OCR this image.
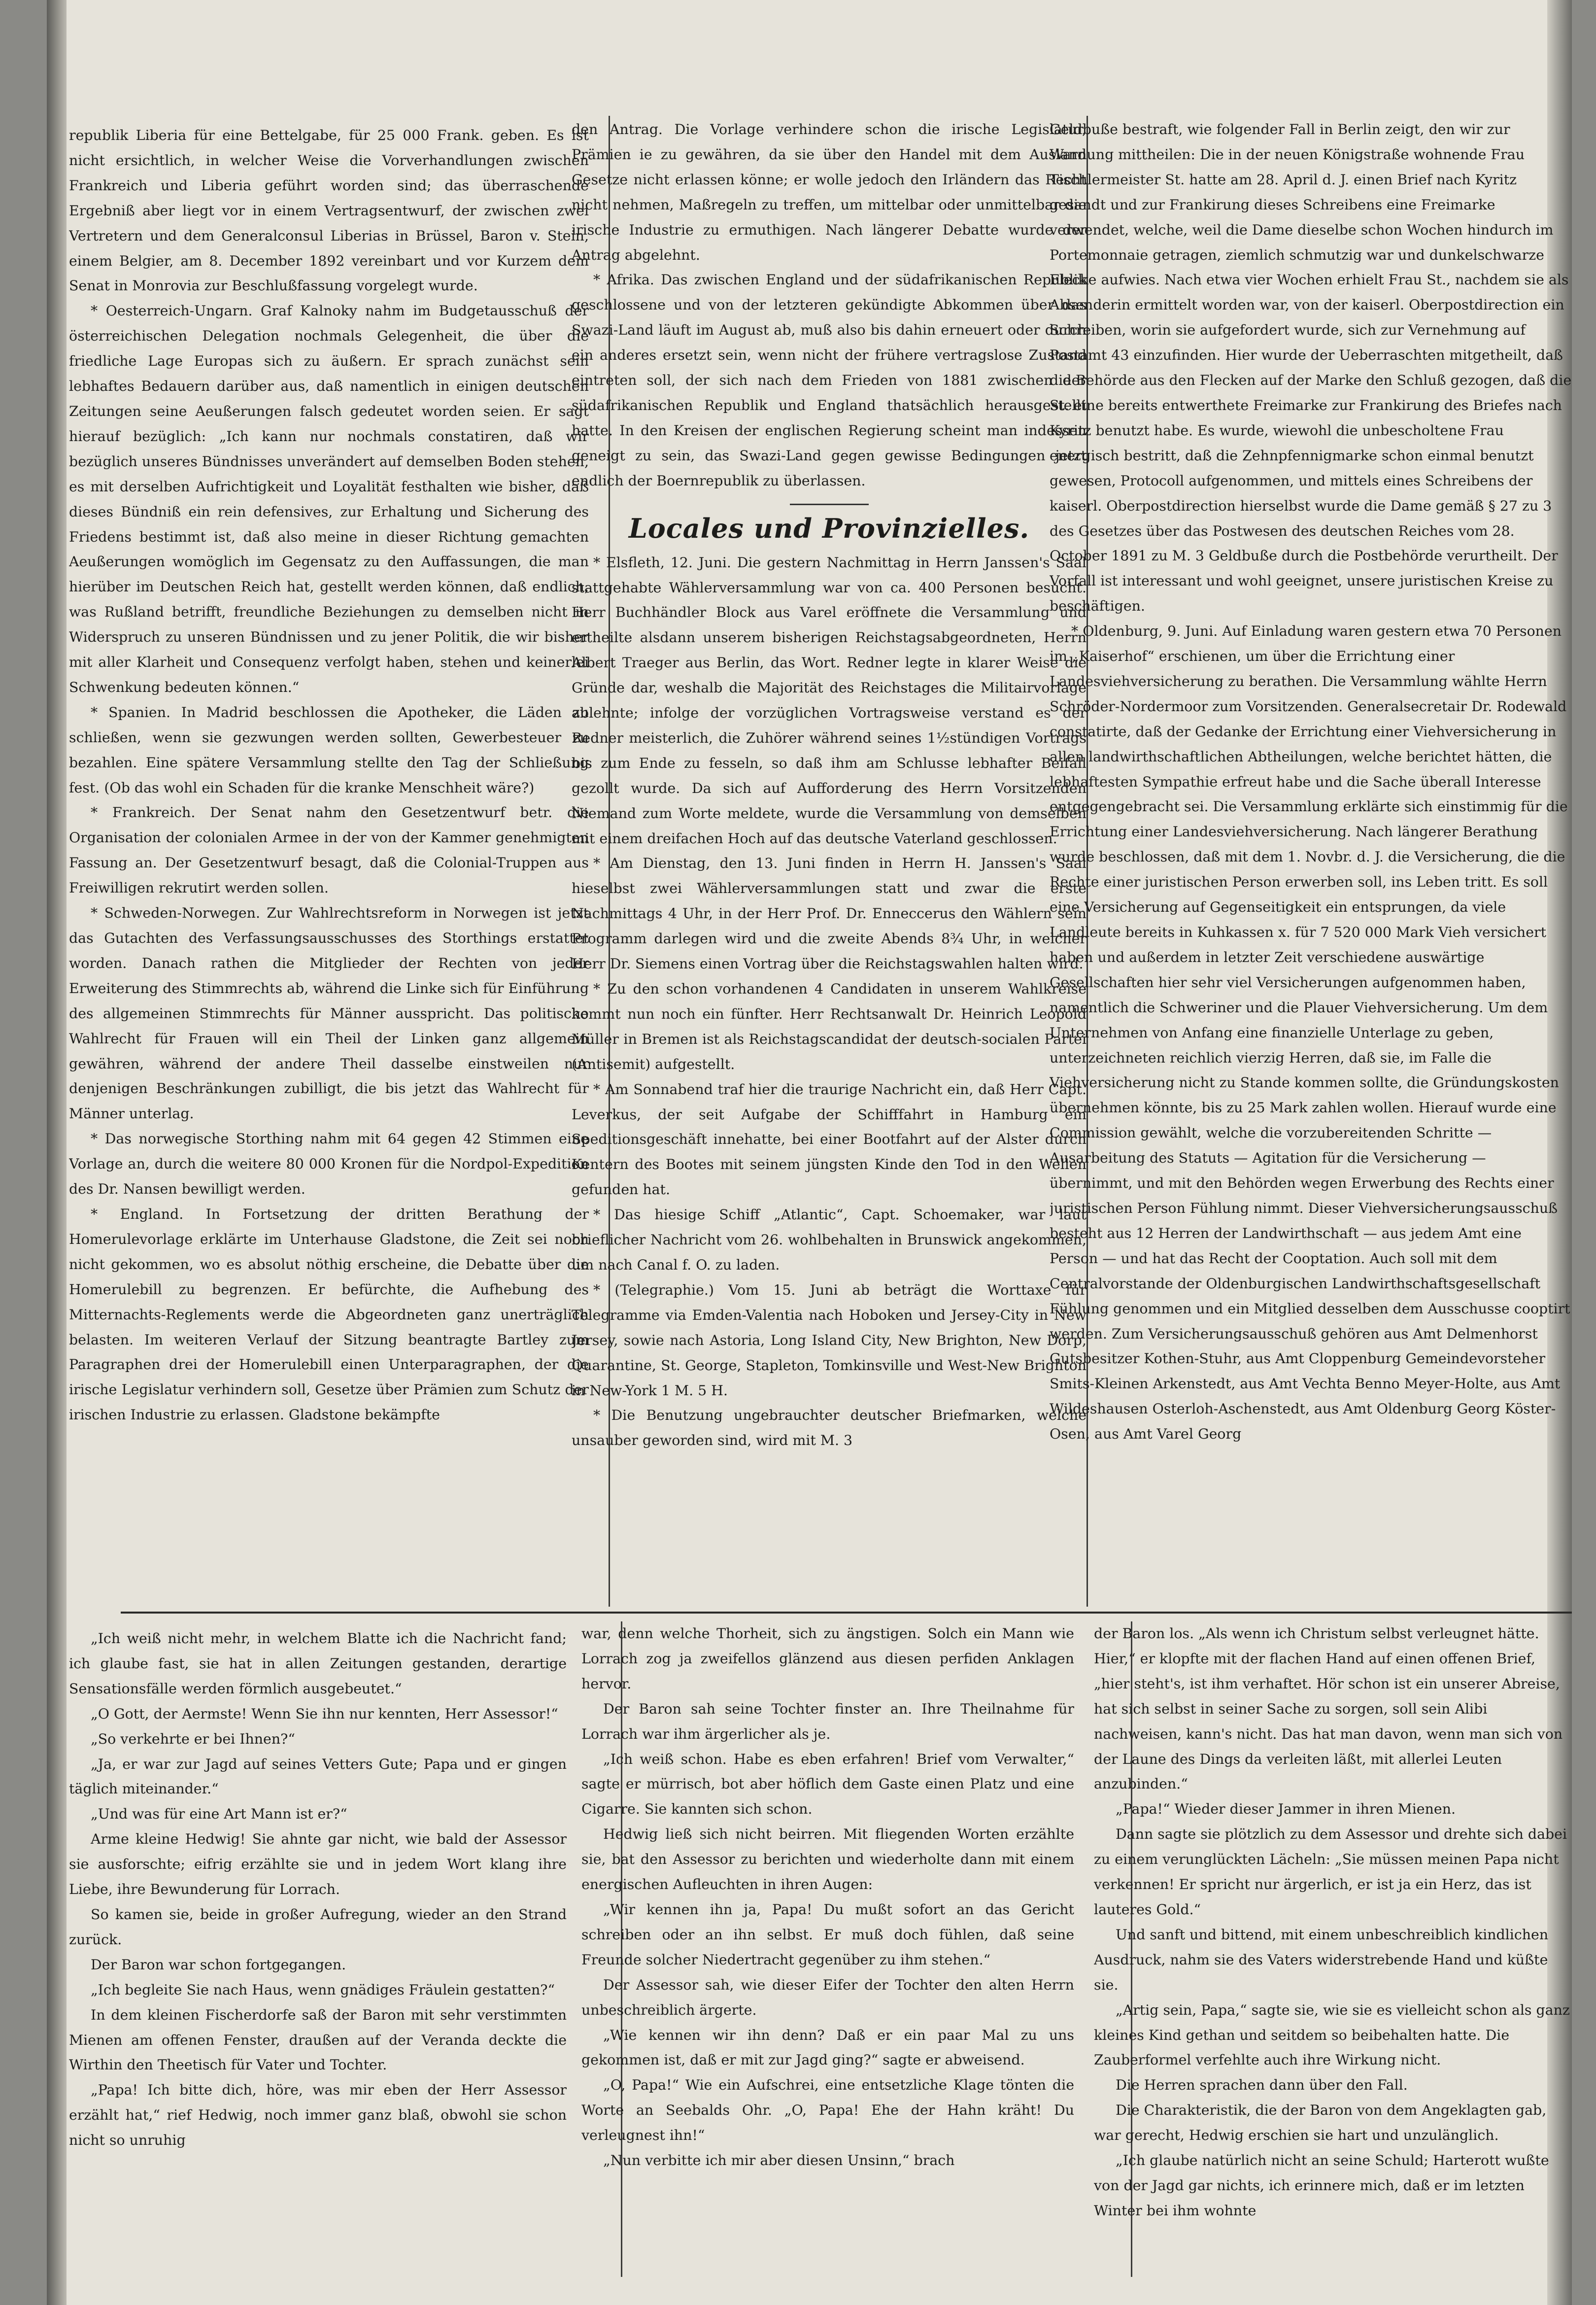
republik Liberia für eine Bettelgabe, für 25 000 Frank. geben. Es ist nicht ersichtlich, in welcher Weise die Vorverhandlungen zwischen Frankreich und Liberia geführt worden sind; das überraschende Ergebniß aber liegt vor in einem Vertragsentwurf, der zwischen zwei Vertretern und dem Generalconsul Liberias in Brüssel, Baron v. Stein, einem Belgier, am 8. December 1892 vereinbart und vor Kurzem dem Senat in Monrovia zur Beschlußfassung vorgelegt wurde.

* Oesterreich-Ungarn. Graf Kalnoky nahm im Budgetausschuß der österreichischen Delegation nochmals Gelegenheit, die über die friedliche Lage Europas sich zu äußern. Er sprach zunächst sein lebhaftes Bedauern darüber aus, daß namentlich in einigen deutschen Zeitungen seine Aeußerungen falsch gedeutet worden seien. Er sagt hierauf bezüglich: „Ich kann nur nochmals constatiren, daß wir bezüglich unseres Bündnisses unverändert auf demselben Boden stehen, es mit derselben Aufrichtigkeit und Loyalität festhalten wie bisher, daß dieses Bündniß ein rein defensives, zur Erhaltung und Sicherung des Friedens bestimmt ist, daß also meine in dieser Richtung gemachten Aeußerungen womöglich im Gegensatz zu den Auffassungen, die man hierüber im Deutschen Reich hat, gestellt werden können, daß endlich, was Rußland betrifft, freundliche Beziehungen zu demselben nicht in Widerspruch zu unseren Bündnissen und zu jener Politik, die wir bisher mit aller Klarheit und Consequenz verfolgt haben, stehen und keinerlei Schwenkung bedeuten können.“

* Spanien. In Madrid beschlossen die Apotheker, die Läden zu schließen, wenn sie gezwungen werden sollten, Gewerbesteuer zu bezahlen. Eine spätere Versammlung stellte den Tag der Schließung fest. (Ob das wohl ein Schaden für die kranke Menschheit wäre?)

* Frankreich. Der Senat nahm den Gesetzentwurf betr. die Organisation der colonialen Armee in der von der Kammer genehmigten Fassung an. Der Gesetzentwurf besagt, daß die Colonial-Truppen aus Freiwilligen rekrutirt werden sollen.

* Schweden-Norwegen. Zur Wahlrechtsreform in Norwegen ist jetzt das Gutachten des Verfassungsausschusses des Storthings erstattet worden. Danach rathen die Mitglieder der Rechten von jeder Erweiterung des Stimmrechts ab, während die Linke sich für Einführung des allgemeinen Stimmrechts für Männer ausspricht. Das politische Wahlrecht für Frauen will ein Theil der Linken ganz allgemein gewähren, während der andere Theil dasselbe einstweilen nur denjenigen Beschränkungen zubilligt, die bis jetzt das Wahlrecht für Männer unterlag.

* Das norwegische Storthing nahm mit 64 gegen 42 Stimmen eine Vorlage an, durch die weitere 80 000 Kronen für die Nordpol-Expedition des Dr. Nansen bewilligt werden.

* England. In Fortsetzung der dritten Berathung der Homerulevorlage erklärte im Unterhause Gladstone, die Zeit sei noch nicht gekommen, wo es absolut nöthig erscheine, die Debatte über die Homerulebill zu begrenzen. Er befürchte, die Aufhebung des Mitternachts-Reglements werde die Abgeordneten ganz unerträglich belasten. Im weiteren Verlauf der Sitzung beantragte Bartley zum Paragraphen drei der Homerulebill einen Unterparagraphen, der die irische Legislatur verhindern soll, Gesetze über Prämien zum Schutz der irischen Industrie zu erlassen. Gladstone bekämpfte

den Antrag. Die Vorlage verhindere schon die irische Legislatur, Prämien ie zu gewähren, da sie über den Handel mit dem Ausland Gesetze nicht erlassen könne; er wolle jedoch den Irländern das Recht nicht nehmen, Maßregeln zu treffen, um mittelbar oder unmittelbar die irische Industrie zu ermuthigen. Nach längerer Debatte wurde der Antrag abgelehnt.

* Afrika. Das zwischen England und der südafrikanischen Republik geschlossene und von der letzteren gekündigte Abkommen über das Swazi-Land läuft im August ab, muß also bis dahin erneuert oder durch ein anderes ersetzt sein, wenn nicht der frühere vertragslose Zustand eintreten soll, der sich nach dem Frieden von 1881 zwischen der südafrikanischen Republik und England thatsächlich herausgestellt hatte. In den Kreisen der englischen Regierung scheint man indessen geneigt zu sein, das Swazi-Land gegen gewisse Bedingungen jetzt endlich der Boernrepublik zu überlassen.

Locales und Provinzielles.

* Elsfleth, 12. Juni. Die gestern Nachmittag in Herrn Janssen's Saal stattgehabte Wählerversammlung war von ca. 400 Personen besucht. Herr Buchhändler Block aus Varel eröffnete die Versammlung und ertheilte alsdann unserem bisherigen Reichstagsabgeordneten, Herrn Albert Traeger aus Berlin, das Wort. Redner legte in klarer Weise die Gründe dar, weshalb die Majorität des Reichstages die Militairvorlage ablehnte; infolge der vorzüglichen Vortragsweise verstand es der Redner meisterlich, die Zuhörer während seines 1½stündigen Vortrags bis zum Ende zu fesseln, so daß ihm am Schlusse lebhafter Beifall gezollt wurde. Da sich auf Aufforderung des Herrn Vorsitzenden Niemand zum Worte meldete, wurde die Versammlung von demselben mit einem dreifachen Hoch auf das deutsche Vaterland geschlossen.

* Am Dienstag, den 13. Juni finden in Herrn H. Janssen's Saal hieselbst zwei Wählerversammlungen statt und zwar die erste Nachmittags 4 Uhr, in der Herr Prof. Dr. Enneccerus den Wählern sein Programm darlegen wird und die zweite Abends 8¾ Uhr, in welcher Herr Dr. Siemens einen Vortrag über die Reichstagswahlen halten wird.

* Zu den schon vorhandenen 4 Candidaten in unserem Wahlkreise kommt nun noch ein fünfter. Herr Rechtsanwalt Dr. Heinrich Leopold Müller in Bremen ist als Reichstagscandidat der deutsch-socialen Partei (Antisemit) aufgestellt.

* Am Sonnabend traf hier die traurige Nachricht ein, daß Herr Capt. Leverkus, der seit Aufgabe der Schifffahrt in Hamburg ein Speditionsgeschäft innehatte, bei einer Bootfahrt auf der Alster durch Kentern des Bootes mit seinem jüngsten Kinde den Tod in den Wellen gefunden hat.

* Das hiesige Schiff „Atlantic“, Capt. Schoemaker, war laut brieflicher Nachricht vom 26. wohlbehalten in Brunswick angekommen, um nach Canal f. O. zu laden.

* (Telegraphie.) Vom 15. Juni ab beträgt die Worttaxe für Telegramme via Emden-Valentia nach Hoboken und Jersey-City in New Jersey, sowie nach Astoria, Long Island City, New Brighton, New Dorp, Quarantine, St. George, Stapleton, Tomkinsville und West-New Brighton in New-York 1 M. 5 H.

* Die Benutzung ungebrauchter deutscher Briefmarken, welche unsauber geworden sind, wird mit M. 3

Geldbuße bestraft, wie folgender Fall in Berlin zeigt, den wir zur Warnung mittheilen: Die in der neuen Königstraße wohnende Frau Tischlermeister St. hatte am 28. April d. J. einen Brief nach Kyritz gesandt und zur Frankirung dieses Schreibens eine Freimarke verwendet, welche, weil die Dame dieselbe schon Wochen hindurch im Portemonnaie getragen, ziemlich schmutzig war und dunkelschwarze Flecke aufwies. Nach etwa vier Wochen erhielt Frau St., nachdem sie als Absenderin ermittelt worden war, von der kaiserl. Oberpostdirection ein Schreiben, worin sie aufgefordert wurde, sich zur Vernehmung auf Postamt 43 einzufinden. Hier wurde der Ueberraschten mitgetheilt, daß die Behörde aus den Flecken auf der Marke den Schluß gezogen, daß die St. eine bereits entwerthete Freimarke zur Frankirung des Briefes nach Kyritz benutzt habe. Es wurde, wiewohl die unbescholtene Frau energisch bestritt, daß die Zehnpfennigmarke schon einmal benutzt gewesen, Protocoll aufgenommen, und mittels eines Schreibens der kaiserl. Oberpostdirection hierselbst wurde die Dame gemäß § 27 zu 3 des Gesetzes über das Postwesen des deutschen Reiches vom 28. October 1891 zu M. 3 Geldbuße durch die Postbehörde verurtheilt. Der Vorfall ist interessant und wohl geeignet, unsere juristischen Kreise zu beschäftigen.

* Oldenburg, 9. Juni. Auf Einladung waren gestern etwa 70 Personen im „Kaiserhof“ erschienen, um über die Errichtung einer Landesviehversicherung zu berathen. Die Versammlung wählte Herrn Schröder-Nordermoor zum Vorsitzenden. Generalsecretair Dr. Rodewald constatirte, daß der Gedanke der Errichtung einer Viehversicherung in allen landwirthschaftlichen Abtheilungen, welche berichtet hätten, die lebhaftesten Sympathie erfreut habe und die Sache überall Interesse entgegengebracht sei. Die Versammlung erklärte sich einstimmig für die Errichtung einer Landesviehversicherung. Nach längerer Berathung wurde beschlossen, daß mit dem 1. Novbr. d. J. die Versicherung, die die Rechte einer juristischen Person erwerben soll, ins Leben tritt. Es soll eine Versicherung auf Gegenseitigkeit ein entsprungen, da viele Landleute bereits in Kuhkassen x. für 7 520 000 Mark Vieh versichert haben und außerdem in letzter Zeit verschiedene auswärtige Gesellschaften hier sehr viel Versicherungen aufgenommen haben, namentlich die Schweriner und die Plauer Viehversicherung. Um dem Unternehmen von Anfang eine finanzielle Unterlage zu geben, unterzeichneten reichlich vierzig Herren, daß sie, im Falle die Viehversicherung nicht zu Stande kommen sollte, die Gründungskosten übernehmen könnte, bis zu 25 Mark zahlen wollen. Hierauf wurde eine Commission gewählt, welche die vorzubereitenden Schritte — Ausarbeitung des Statuts — Agitation für die Versicherung — übernimmt, und mit den Behörden wegen Erwerbung des Rechts einer juristischen Person Fühlung nimmt. Dieser Viehversicherungsausschuß besteht aus 12 Herren der Landwirthschaft — aus jedem Amt eine Person — und hat das Recht der Cooptation. Auch soll mit dem Centralvorstande der Oldenburgischen Landwirthschaftsgesellschaft Fühlung genommen und ein Mitglied desselben dem Ausschusse cooptirt werden. Zum Versicherungsausschuß gehören aus Amt Delmenhorst Gutsbesitzer Kothen-Stuhr, aus Amt Cloppenburg Gemeindevorsteher Smits-Kleinen Arkenstedt, aus Amt Vechta Benno Meyer-Holte, aus Amt Wildeshausen Osterloh-Aschenstedt, aus Amt Oldenburg Georg Köster-Osen, aus Amt Varel Georg

„Ich weiß nicht mehr, in welchem Blatte ich die Nachricht fand; ich glaube fast, sie hat in allen Zeitungen gestanden, derartige Sensationsfälle werden förmlich ausgebeutet.“

„O Gott, der Aermste! Wenn Sie ihn nur kennten, Herr Assessor!“

„So verkehrte er bei Ihnen?“

„Ja, er war zur Jagd auf seines Vetters Gute; Papa und er gingen täglich miteinander.“

„Und was für eine Art Mann ist er?“

Arme kleine Hedwig! Sie ahnte gar nicht, wie bald der Assessor sie ausforschte; eifrig erzählte sie und in jedem Wort klang ihre Liebe, ihre Bewunderung für Lorrach.

So kamen sie, beide in großer Aufregung, wieder an den Strand zurück.

Der Baron war schon fortgegangen.

„Ich begleite Sie nach Haus, wenn gnädiges Fräulein gestatten?“

In dem kleinen Fischerdorfe saß der Baron mit sehr verstimmten Mienen am offenen Fenster, draußen auf der Veranda deckte die Wirthin den Theetisch für Vater und Tochter.

„Papa! Ich bitte dich, höre, was mir eben der Herr Assessor erzählt hat,“ rief Hedwig, noch immer ganz blaß, obwohl sie schon nicht so unruhig

war, denn welche Thorheit, sich zu ängstigen. Solch ein Mann wie Lorrach zog ja zweifellos glänzend aus diesen perfiden Anklagen hervor.

Der Baron sah seine Tochter finster an. Ihre Theilnahme für Lorrach war ihm ärgerlicher als je.

„Ich weiß schon. Habe es eben erfahren! Brief vom Verwalter,“ sagte er mürrisch, bot aber höflich dem Gaste einen Platz und eine Cigarre. Sie kannten sich schon.

Hedwig ließ sich nicht beirren. Mit fliegenden Worten erzählte sie, bat den Assessor zu berichten und wiederholte dann mit einem energischen Aufleuchten in ihren Augen:

„Wir kennen ihn ja, Papa! Du mußt sofort an das Gericht schreiben oder an ihn selbst. Er muß doch fühlen, daß seine Freunde solcher Niedertracht gegenüber zu ihm stehen.“

Der Assessor sah, wie dieser Eifer der Tochter den alten Herrn unbeschreiblich ärgerte.

„Wie kennen wir ihn denn? Daß er ein paar Mal zu uns gekommen ist, daß er mit zur Jagd ging?“ sagte er abweisend.

„O, Papa!“ Wie ein Aufschrei, eine entsetzliche Klage tönten die Worte an Seebalds Ohr. „O, Papa! Ehe der Hahn kräht! Du verleugnest ihn!“

„Nun verbitte ich mir aber diesen Unsinn,“ brach

der Baron los. „Als wenn ich Christum selbst verleugnet hätte. Hier,“ er klopfte mit der flachen Hand auf einen offenen Brief, „hier steht's, ist ihm verhaftet. Hör schon ist ein unserer Abreise, hat sich selbst in seiner Sache zu sorgen, soll sein Alibi nachweisen, kann's nicht. Das hat man davon, wenn man sich von der Laune des Dings da verleiten läßt, mit allerlei Leuten anzubinden.“

„Papa!“ Wieder dieser Jammer in ihren Mienen.

Dann sagte sie plötzlich zu dem Assessor und drehte sich dabei zu einem verunglückten Lächeln: „Sie müssen meinen Papa nicht verkennen! Er spricht nur ärgerlich, er ist ja ein Herz, das ist lauteres Gold.“

Und sanft und bittend, mit einem unbeschreiblich kindlichen Ausdruck, nahm sie des Vaters widerstrebende Hand und küßte sie.

„Artig sein, Papa,“ sagte sie, wie sie es vielleicht schon als ganz kleines Kind gethan und seitdem so beibehalten hatte. Die Zauberformel verfehlte auch ihre Wirkung nicht.

Die Herren sprachen dann über den Fall.

Die Charakteristik, die der Baron von dem Angeklagten gab, war gerecht, Hedwig erschien sie hart und unzulänglich.

„Ich glaube natürlich nicht an seine Schuld; Harterott wußte von der Jagd gar nichts, ich erinnere mich, daß er im letzten Winter bei ihm wohnte
